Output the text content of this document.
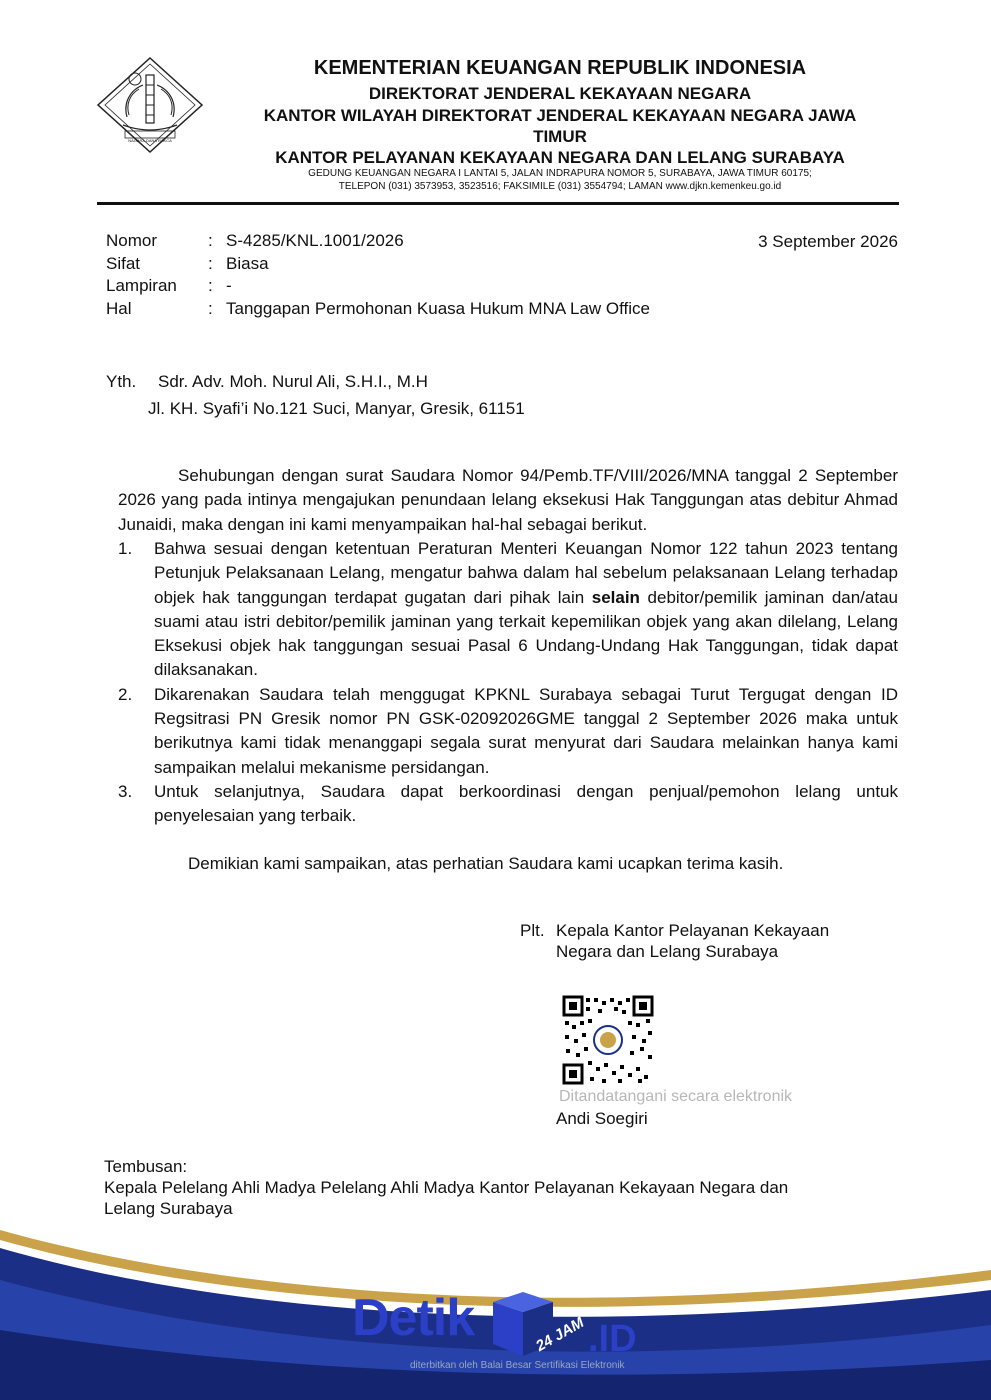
NAGARA DANA RAKCA
KEMENTERIAN KEUANGAN REPUBLIK INDONESIA
DIREKTORAT JENDERAL KEKAYAAN NEGARA
KANTOR WILAYAH DIREKTORAT JENDERAL KEKAYAAN NEGARA JAWA
TIMUR
KANTOR PELAYANAN KEKAYAAN NEGARA DAN LELANG SURABAYA
GEDUNG KEUANGAN NEGARA I LANTAI 5, JALAN INDRAPURA NOMOR 5, SURABAYA, JAWA TIMUR 60175;
TELEPON (031) 3573953, 3523516; FAKSIMILE (031) 3554794; LAMAN www.djkn.kemenkeu.go.id
Nomor	:	S-4285/KNL.1001/2026
Sifat	:	Biasa
Lampiran	:	-
Hal	:	Tanggapan Permohonan Kuasa Hukum MNA Law Office
3 September 2026
Yth. Sdr. Adv. Moh. Nurul Ali, S.H.I., M.H
Jl. KH. Syafi’i No.121 Suci, Manyar, Gresik, 61151
Sehubungan dengan surat Saudara Nomor 94/Pemb.TF/VIII/2026/MNA tanggal 2 September 2026 yang pada intinya mengajukan penundaan lelang eksekusi Hak Tanggungan atas debitur Ahmad Junaidi, maka dengan ini kami menyampaikan hal-hal sebagai berikut.
1.	Bahwa sesuai dengan ketentuan Peraturan Menteri Keuangan Nomor 122 tahun 2023 tentang Petunjuk Pelaksanaan Lelang, mengatur bahwa dalam hal sebelum pelaksanaan Lelang terhadap objek hak tanggungan terdapat gugatan dari pihak lain selain debitor/pemilik jaminan dan/atau suami atau istri debitor/pemilik jaminan yang terkait kepemilikan objek yang akan dilelang, Lelang Eksekusi objek hak tanggungan sesuai Pasal 6 Undang-Undang Hak Tanggungan, tidak dapat dilaksanakan.
2.	Dikarenakan Saudara telah menggugat KPKNL Surabaya sebagai Turut Tergugat dengan ID Regsitrasi PN Gresik nomor PN GSK-02092026GME tanggal 2 September 2026 maka untuk berikutnya kami tidak menanggapi segala surat menyurat dari Saudara melainkan hanya kami sampaikan melalui mekanisme persidangan.
3.	Untuk selanjutnya, Saudara dapat berkoordinasi dengan penjual/pemohon lelang untuk penyelesaian yang terbaik.
Demikian kami sampaikan, atas perhatian Saudara kami ucapkan terima kasih.
Plt. Kepala Kantor Pelayanan Kekayaan
Negara dan Lelang Surabaya
Ditandatangani secara elektronik
Andi Soegiri
Tembusan:
Kepala Pelelang Ahli Madya Pelelang Ahli Madya Kantor Pelayanan Kekayaan Negara dan
Lelang Surabaya
Detik	24 JAM .ID
diterbitkan oleh Balai Besar Sertifikasi Elektronik
